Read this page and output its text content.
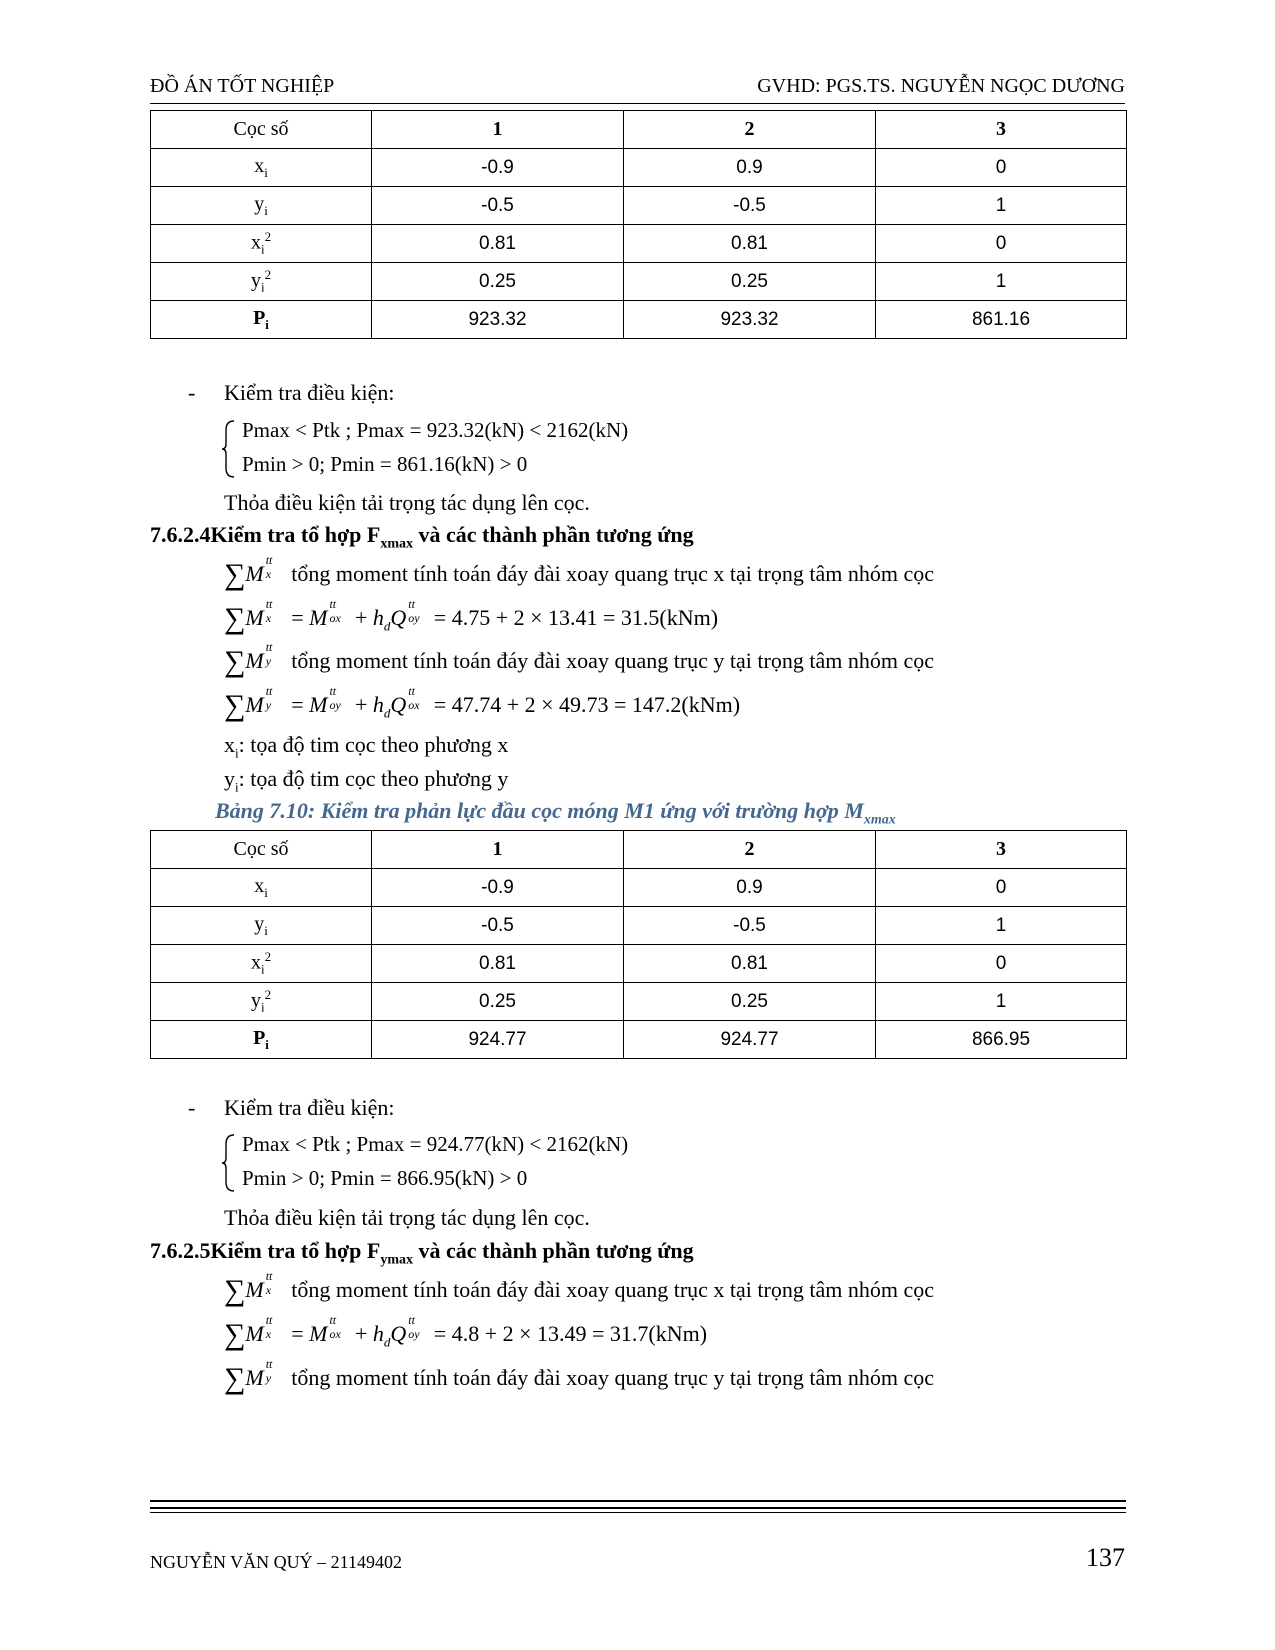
ĐỒ ÁN TỐT NGHIỆP	GVHD: PGS.TS. NGUYỄN NGỌC DƯƠNG
Cọc số	1	2	3
$x_i$	-0.9	0.9	0
$y_i$	-0.5	-0.5	1
$x_i^2$	0.81	0.81	0
$y_i^2$	0.25	0.25	1
$P_i$	923.32	923.32	861.16
- Kiểm tra điều kiện:
Pmax < Ptk ; Pmax = 923.32(kN) < 2162(kN)
Pmin > 0; Pmin = 861.16(kN) > 0
Thỏa điều kiện tải trọng tác dụng lên cọc.
7.6.2.4Kiểm tra tổ hợp $F_{xmax}$ và các thành phần tương ứng
∑M
tt
x tổng moment tính toán đáy đài xoay quang trục x tại trọng tâm nhóm cọc
∑M
tt
x = M
tt
ox + $h_dQ$
tt
oy = 4.75 + 2 × 13.41 = 31.5(kNm)
∑M
tt
y tổng moment tính toán đáy đài xoay quang trục y tại trọng tâm nhóm cọc
∑M
tt
y = M
tt
oy + $h_dQ$
tt
ox = 47.74 + 2 × 49.73 = 147.2(kNm)
$x_i$: tọa độ tim cọc theo phương x
$y_i$: tọa độ tim cọc theo phương y
Bảng 7.10: Kiểm tra phản lực đầu cọc móng M1 ứng với trường hợp $M_{xmax}$
Cọc số	1	2	3
$x_i$	-0.9	0.9	0
$y_i$	-0.5	-0.5	1
$x_i^2$	0.81	0.81	0
$y_i^2$	0.25	0.25	1
$P_i$	924.77	924.77	866.95
- Kiểm tra điều kiện:
Pmax < Ptk ; Pmax = 924.77(kN) < 2162(kN)
Pmin > 0; Pmin = 866.95(kN) > 0
Thỏa điều kiện tải trọng tác dụng lên cọc.
7.6.2.5Kiểm tra tổ hợp $F_{ymax}$ và các thành phần tương ứng
∑M
tt
x tổng moment tính toán đáy đài xoay quang trục x tại trọng tâm nhóm cọc
∑M
tt
x = M
tt
ox + $h_dQ$
tt
oy = 4.8 + 2 × 13.49 = 31.7(kNm)
∑M
tt
y tổng moment tính toán đáy đài xoay quang trục y tại trọng tâm nhóm cọc
NGUYỄN VĂN QUÝ – 21149402	137
